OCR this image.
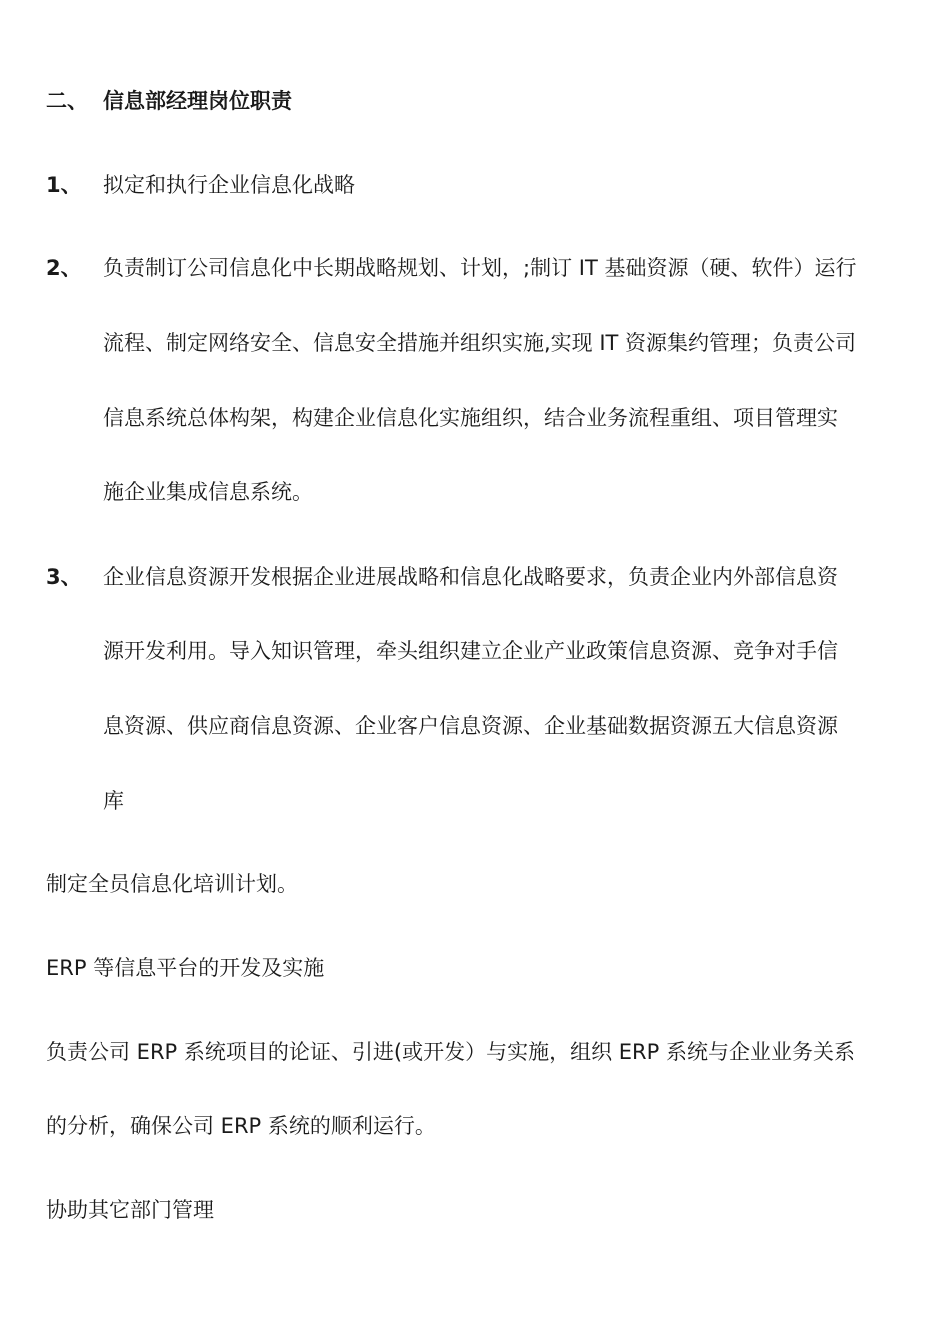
二、 信息部经理岗位职责
1、 拟定和执行企业信息化战略
2、 负责制订公司信息化中长期战略规划、计划，;制订 IT 基础资源（硬、软件）运行
流程、制定网络安全、信息安全措施并组织实施,实现 IT 资源集约管理；负责公司
信息系统总体构架，构建企业信息化实施组织，结合业务流程重组、项目管理实
施企业集成信息系统。
3、 企业信息资源开发根据企业进展战略和信息化战略要求，负责企业内外部信息资
源开发利用。导入知识管理，牵头组织建立企业产业政策信息资源、竞争对手信
息资源、供应商信息资源、企业客户信息资源、企业基础数据资源五大信息资源
库
制定全员信息化培训计划。
ERP 等信息平台的开发及实施
负责公司 ERP 系统项目的论证、引进(或开发）与实施，组织 ERP 系统与企业业务关系
的分析，确保公司 ERP 系统的顺利运行。
协助其它部门管理
